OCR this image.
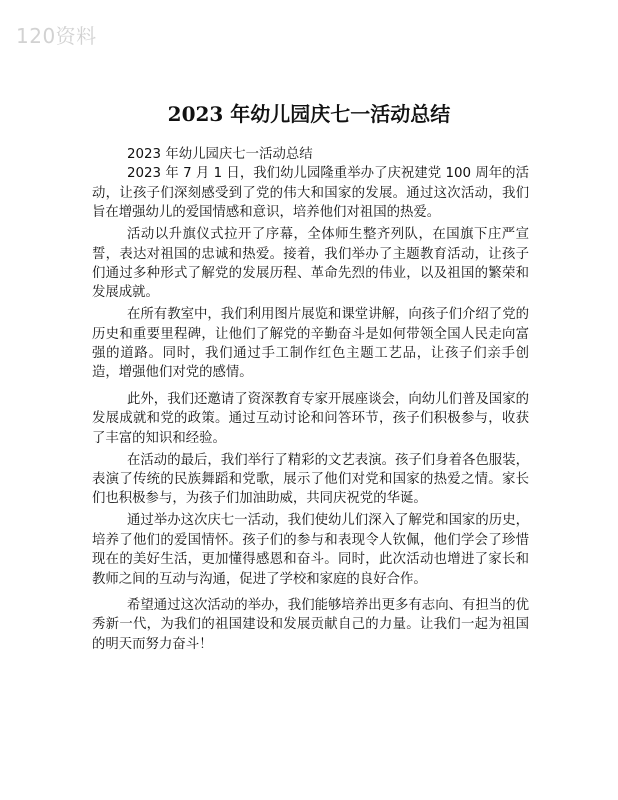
120资料
2023 年幼儿园庆七一活动总结

2023 年幼儿园庆七一活动总结

2023 年 7 月 1 日，我们幼儿园隆重举办了庆祝建党 100 周年的活动，让孩子们深刻感受到了党的伟大和国家的发展。通过这次活动，我们旨在增强幼儿的爱国情感和意识，培养他们对祖国的热爱。

活动以升旗仪式拉开了序幕，全体师生整齐列队，在国旗下庄严宣誓，表达对祖国的忠诚和热爱。接着，我们举办了主题教育活动，让孩子们通过多种形式了解党的发展历程、革命先烈的伟业，以及祖国的繁荣和发展成就。

在所有教室中，我们利用图片展览和课堂讲解，向孩子们介绍了党的历史和重要里程碑，让他们了解党的辛勤奋斗是如何带领全国人民走向富强的道路。同时，我们通过手工制作红色主题工艺品，让孩子们亲手创造，增强他们对党的感情。

此外，我们还邀请了资深教育专家开展座谈会，向幼儿们普及国家的发展成就和党的政策。通过互动讨论和问答环节，孩子们积极参与，收获了丰富的知识和经验。

在活动的最后，我们举行了精彩的文艺表演。孩子们身着各色服装，表演了传统的民族舞蹈和党歌，展示了他们对党和国家的热爱之情。家长们也积极参与，为孩子们加油助威，共同庆祝党的华诞。

通过举办这次庆七一活动，我们使幼儿们深入了解党和国家的历史，培养了他们的爱国情怀。孩子们的参与和表现令人钦佩，他们学会了珍惜现在的美好生活，更加懂得感恩和奋斗。同时，此次活动也增进了家长和教师之间的互动与沟通，促进了学校和家庭的良好合作。

希望通过这次活动的举办，我们能够培养出更多有志向、有担当的优秀新一代，为我们的祖国建设和发展贡献自己的力量。让我们一起为祖国的明天而努力奋斗！
